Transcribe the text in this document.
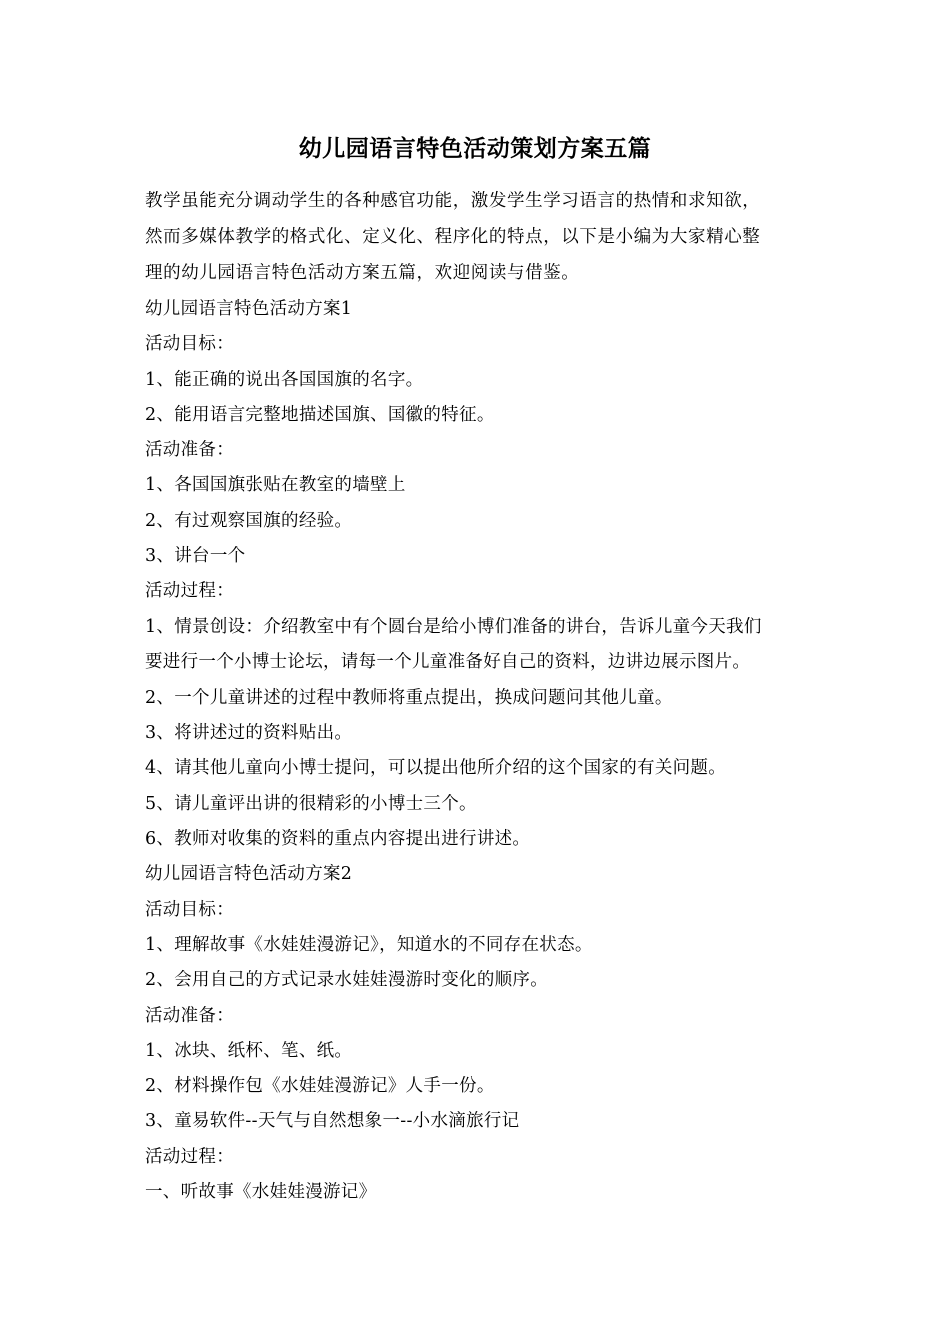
幼儿园语言特色活动策划方案五篇

教学虽能充分调动学生的各种感官功能，激发学生学习语言的热情和求知欲，

然而多媒体教学的格式化、定义化、程序化的特点，以下是小编为大家精心整

理的幼儿园语言特色活动方案五篇，欢迎阅读与借鉴。

幼儿园语言特色活动方案1

活动目标：

1、能正确的说出各国国旗的名字。

2、能用语言完整地描述国旗、国徽的特征。

活动准备：

1、各国国旗张贴在教室的墙壁上

2、有过观察国旗的经验。

3、讲台一个

活动过程：

1、情景创设：介绍教室中有个圆台是给小博们准备的讲台，告诉儿童今天我们

要进行一个小博士论坛，请每一个儿童准备好自己的资料，边讲边展示图片。

2、一个儿童讲述的过程中教师将重点提出，换成问题问其他儿童。

3、将讲述过的资料贴出。

4、请其他儿童向小博士提问，可以提出他所介绍的这个国家的有关问题。

5、请儿童评出讲的很精彩的小博士三个。

6、教师对收集的资料的重点内容提出进行讲述。

幼儿园语言特色活动方案2

活动目标：

1、理解故事《水娃娃漫游记》，知道水的不同存在状态。

2、会用自己的方式记录水娃娃漫游时变化的顺序。

活动准备：

1、冰块、纸杯、笔、纸。

2、材料操作包《水娃娃漫游记》人手一份。

3、童易软件--天气与自然想象一--小水滴旅行记

活动过程：

一、听故事《水娃娃漫游记》
